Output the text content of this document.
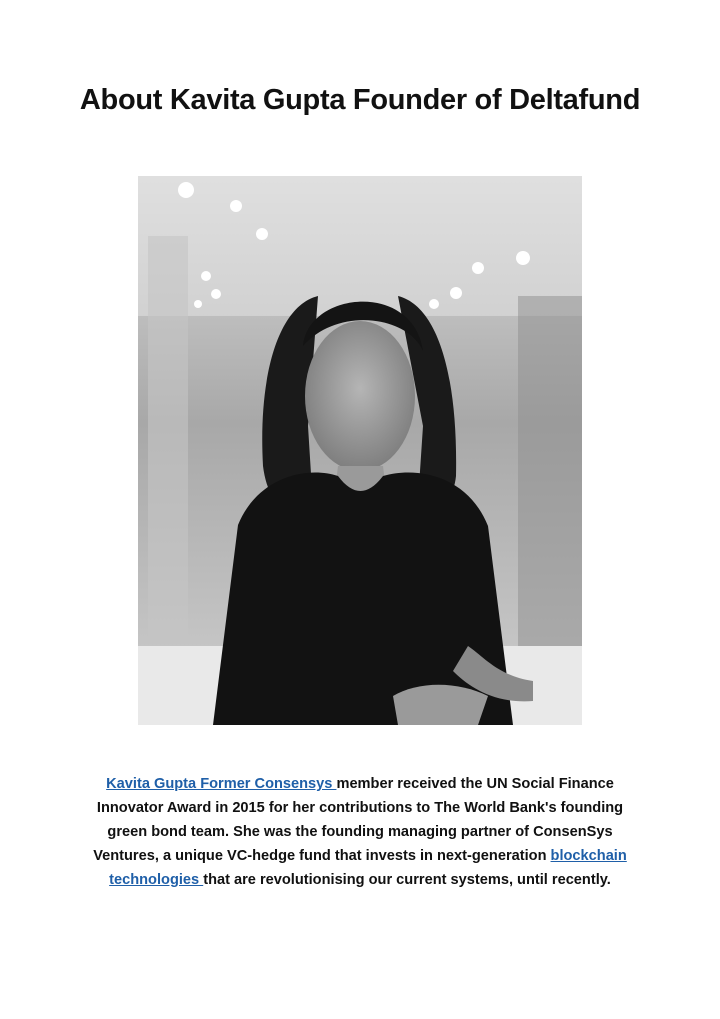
About Kavita Gupta Founder of Deltafund

Kavita Gupta Former Consensys member received the UN Social Finance Innovator Award in 2015 for her contributions to The World Bank's founding green bond team. She was the founding managing partner of ConsenSys Ventures, a unique VC-hedge fund that invests in next-generation blockchain technologies that are revolutionising our current systems, until recently.
